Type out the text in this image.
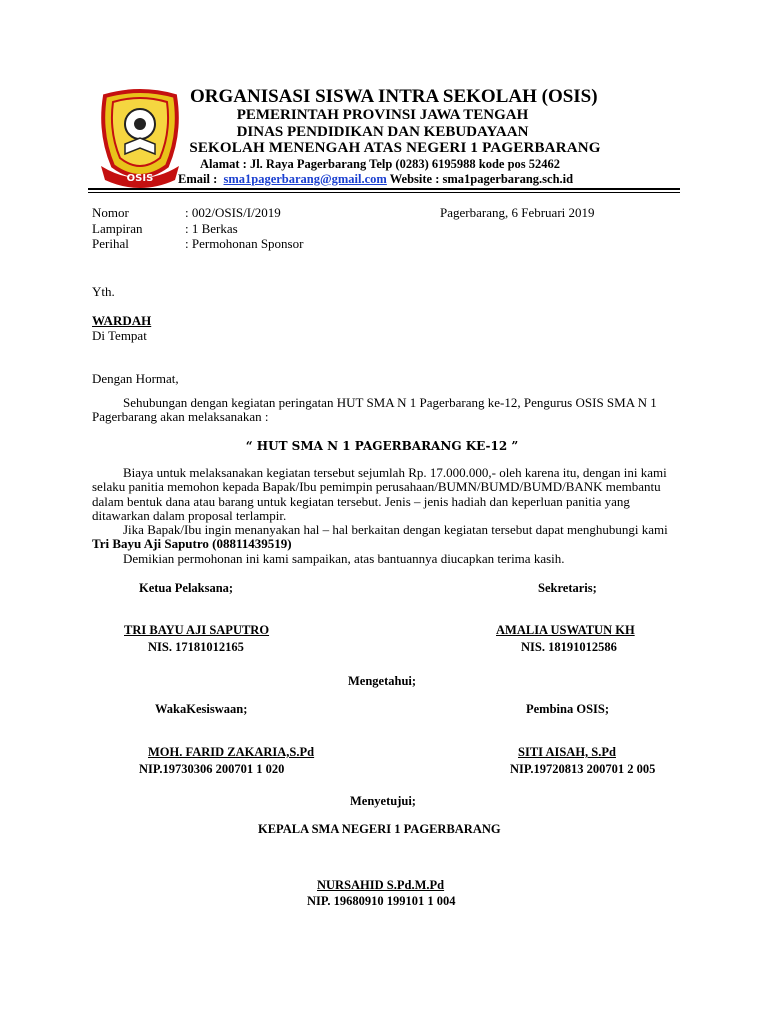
OSIS
ORGANISASI SISWA INTRA SEKOLAH (OSIS)
PEMERINTAH PROVINSI JAWA TENGAH
DINAS PENDIDIKAN DAN KEBUDAYAAN
SEKOLAH MENENGAH ATAS NEGERI 1 PAGERBARANG
Alamat : Jl. Raya Pagerbarang Telp (0283) 6195988 kode pos 52462
Email : sma1pagerbarang@gmail.com Website : sma1pagerbarang.sch.id
Nomor	: 002/OSIS/I/2019	Pagerbarang, 6 Februari 2019
Lampiran	: 1 Berkas
Perihal	: Permohonan Sponsor
Yth.
WARDAH
Di Tempat
Dengan Hormat,
Sehubungan dengan kegiatan peringatan HUT SMA N 1 Pagerbarang ke-12, Pengurus OSIS SMA N 1 Pagerbarang akan melaksanakan :
“ HUT SMA N 1 PAGERBARANG KE-12 ”
Biaya untuk melaksanakan kegiatan tersebut sejumlah Rp. 17.000.000,- oleh karena itu, dengan ini kami selaku panitia memohon kepada Bapak/Ibu pemimpin perusahaan/BUMN/BUMD/BUMD/BANK membantu dalam bentuk dana atau barang untuk kegiatan tersebut. Jenis – jenis hadiah dan keperluan panitia yang ditawarkan dalam proposal terlampir.
Jika Bapak/Ibu ingin menanyakan hal – hal berkaitan dengan kegiatan tersebut dapat menghubungi kami Tri Bayu Aji Saputro (08811439519)
Demikian permohonan ini kami sampaikan, atas bantuannya diucapkan terima kasih.
Ketua Pelaksana;	Sekretaris;
TRI BAYU AJI SAPUTRO
NIS. 17181012165
AMALIA USWATUN KH
NIS. 18191012586
Mengetahui;
WakaKesiswaan;	Pembina OSIS;
MOH. FARID ZAKARIA,S.Pd
NIP.19730306 200701 1 020
SITI AISAH, S.Pd
NIP.19720813 200701 2 005
Menyetujui;
KEPALA SMA NEGERI 1 PAGERBARANG
NURSAHID S.Pd.M.Pd
NIP. 19680910 199101 1 004
